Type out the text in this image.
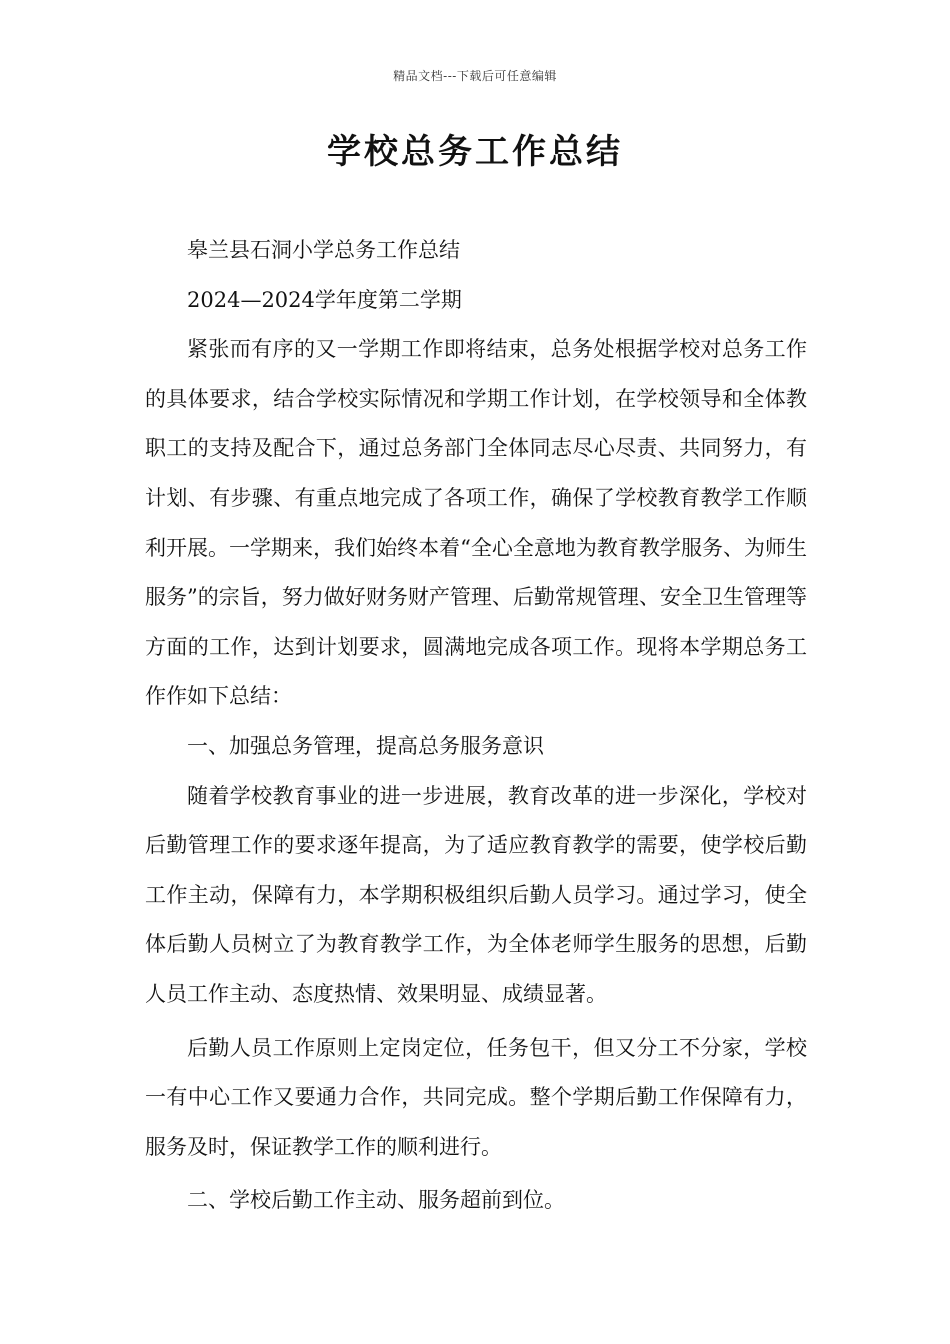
精品文档---下载后可任意编辑
学校总务工作总结

皋兰县石洞小学总务工作总结

2024—2024学年度第二学期

紧张而有序的又一学期工作即将结束，总务处根据学校对总务工作的具体要求，结合学校实际情况和学期工作计划，在学校领导和全体教职工的支持及配合下，通过总务部门全体同志尽心尽责、共同努力，有计划、有步骤、有重点地完成了各项工作，确保了学校教育教学工作顺利开展。一学期来，我们始终本着“全心全意地为教育教学服务、为师生服务”的宗旨，努力做好财务财产管理、后勤常规管理、安全卫生管理等方面的工作，达到计划要求，圆满地完成各项工作。现将本学期总务工作作如下总结：

一、加强总务管理，提高总务服务意识

随着学校教育事业的进一步进展，教育改革的进一步深化，学校对后勤管理工作的要求逐年提高，为了适应教育教学的需要，使学校后勤工作主动，保障有力，本学期积极组织后勤人员学习。通过学习，使全体后勤人员树立了为教育教学工作，为全体老师学生服务的思想，后勤人员工作主动、态度热情、效果明显、成绩显著。

后勤人员工作原则上定岗定位，任务包干，但又分工不分家，学校一有中心工作又要通力合作，共同完成。整个学期后勤工作保障有力，服务及时，保证教学工作的顺利进行。

二、学校后勤工作主动、服务超前到位。
